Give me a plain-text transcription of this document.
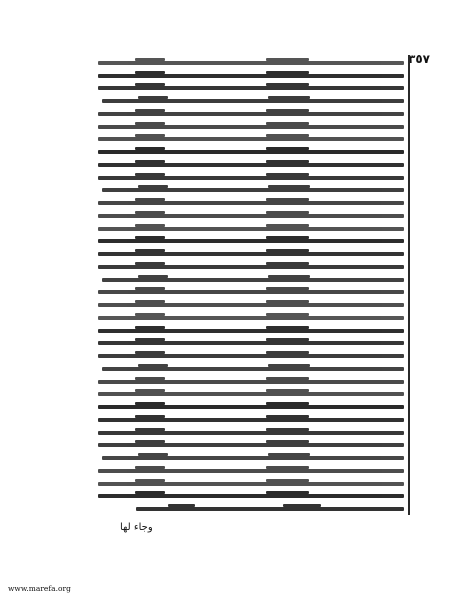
٣٥٧
وجاء لها
www.marefa.org
